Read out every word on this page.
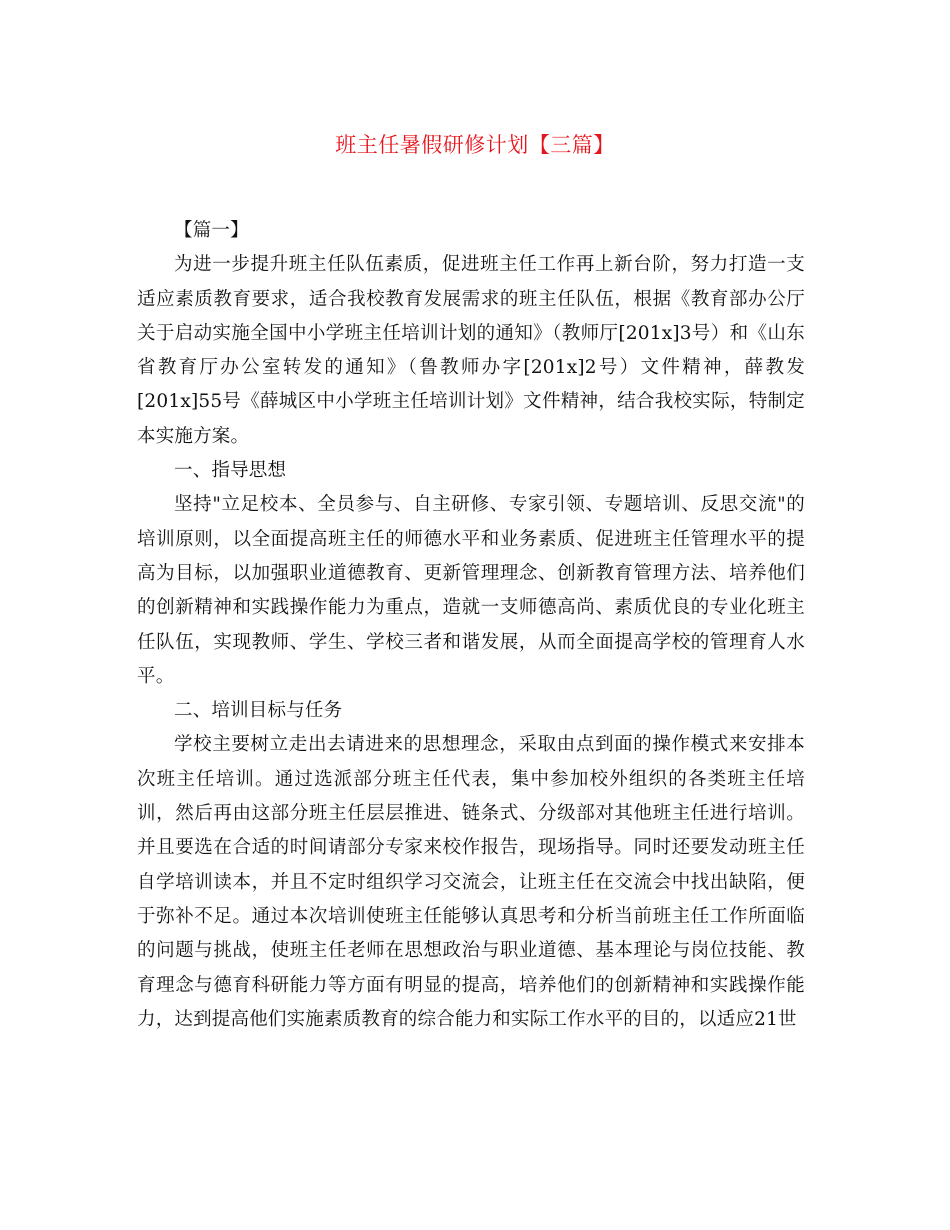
班主任暑假研修计划【三篇】

【篇一】

为进一步提升班主任队伍素质，促进班主任工作再上新台阶，努力打造一支适应素质教育要求，适合我校教育发展需求的班主任队伍，根据《教育部办公厅关于启动实施全国中小学班主任培训计划的通知》（教师厅[201x]3号）和《山东省教育厅办公室转发的通知》（鲁教师办字[201x]2号）文件精神，薛教发[201x]55号《薛城区中小学班主任培训计划》文件精神，结合我校实际，特制定本实施方案。

一、指导思想

坚持"立足校本、全员参与、自主研修、专家引领、专题培训、反思交流"的培训原则，以全面提高班主任的师德水平和业务素质、促进班主任管理水平的提高为目标，以加强职业道德教育、更新管理理念、创新教育管理方法、培养他们的创新精神和实践操作能力为重点，造就一支师德高尚、素质优良的专业化班主任队伍，实现教师、学生、学校三者和谐发展，从而全面提高学校的管理育人水平。

二、培训目标与任务

学校主要树立走出去请进来的思想理念，采取由点到面的操作模式来安排本次班主任培训。通过选派部分班主任代表，集中参加校外组织的各类班主任培训，然后再由这部分班主任层层推进、链条式、分级部对其他班主任进行培训。并且要选在合适的时间请部分专家来校作报告，现场指导。同时还要发动班主任自学培训读本，并且不定时组织学习交流会，让班主任在交流会中找出缺陷，便于弥补不足。通过本次培训使班主任能够认真思考和分析当前班主任工作所面临的问题与挑战，使班主任老师在思想政治与职业道德、基本理论与岗位技能、教育理念与德育科研能力等方面有明显的提高，培养他们的创新精神和实践操作能力，达到提高他们实施素质教育的综合能力和实际工作水平的目的，以适应21世
